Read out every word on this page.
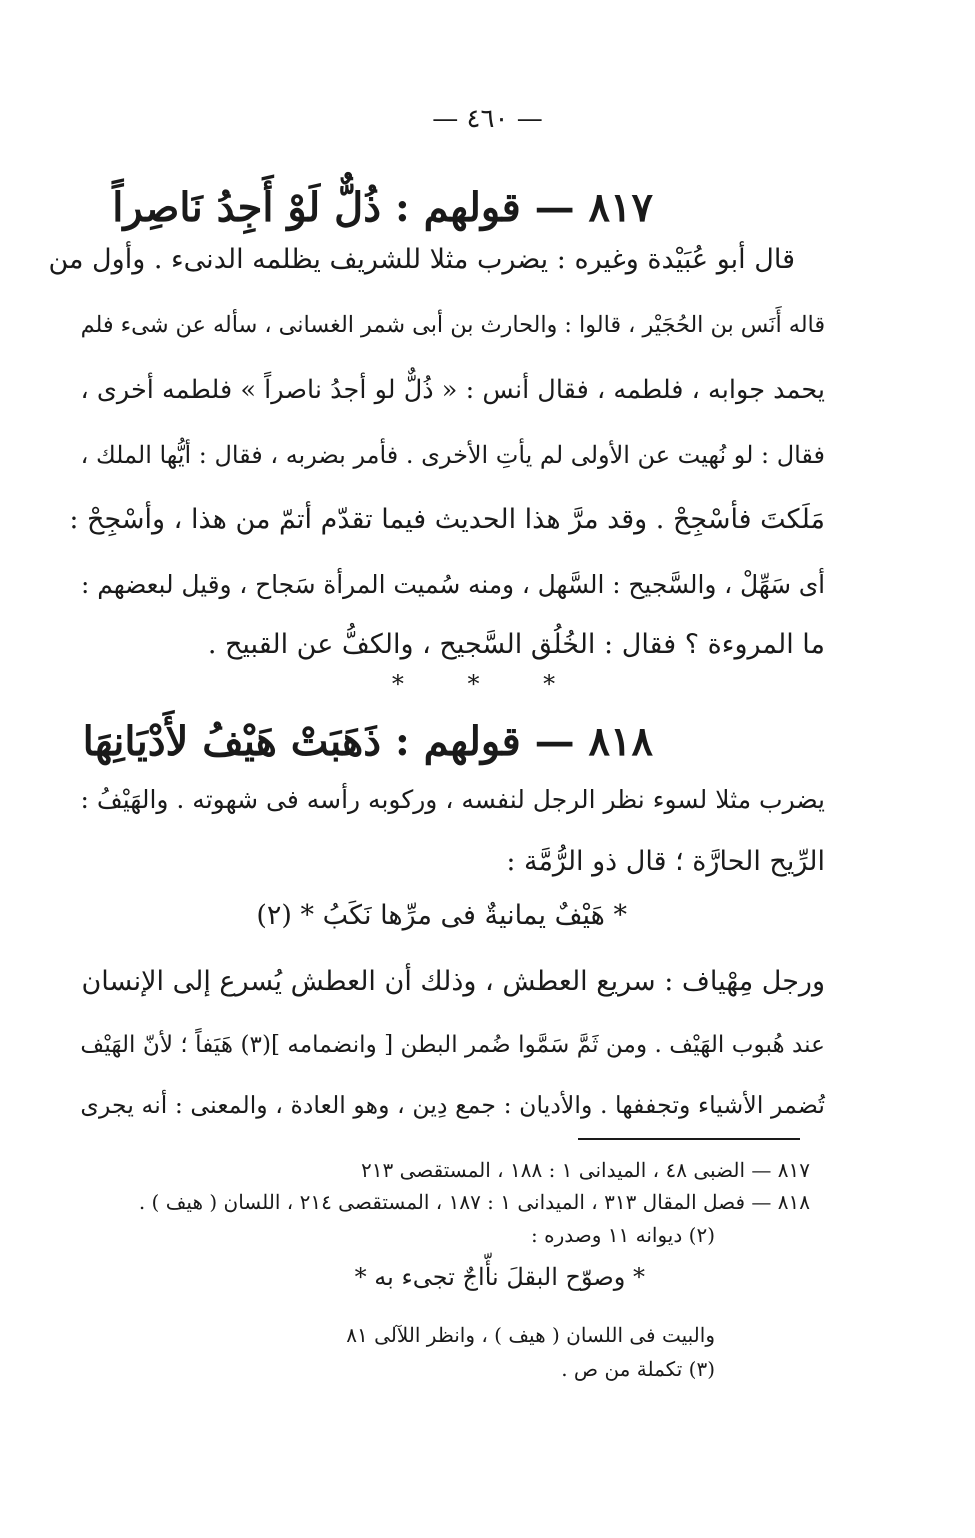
— ٤٦٠ —
٨١٧ — قولهم : ذُلٌّ لَوْ أَجِدُ نَاصِراً
قال أبو عُبَيْدة وغيره : يضرب مثلا للشريف يظلمه الدنىء . وأول من
قاله أَنَس بن الحُجَيْر ، قالوا : والحارث بن أبى شمر الغسانى ، سأله عن شىء فلم
يحمد جوابه ، فلطمه ، فقال أنس : « ذُلٌّ لو أجدُ ناصراً » فلطمه أخرى ،
فقال : لو نُهيت عن الأولى لم يأتِ الأخرى . فأمر بضربه ، فقال : أيُّها الملك ،
مَلَكتَ فأسْجِحْ . وقد مرَّ هذا الحديث فيما تقدّم أتمّ من هذا ، وأسْجِحْ :
أى سَهِّلْ ، والسَّجيح : السَّهل ، ومنه سُميت المرأة سَجاح ، وقيل لبعضهم :
ما المروءة ؟ فقال : الخُلُق السَّجيح ، والكفُّ عن القبيح .
* * *
٨١٨ — قولهم : ذَهَبَتْ هَيْفُ لأَدْيَانِهَا
يضرب مثلا لسوء نظر الرجل لنفسه ، وركوبه رأسه فى شهوته . والهَيْفُ :
الرِّيح الحارَّة ؛ قال ذو الرُّمَّة :
* هَيْفٌ يمانيةٌ فى مرِّها نَكَبُ * (٢)
ورجل مِهْياف : سريع العطش ، وذلك أن العطش يُسرع إلى الإنسان
عند هُبوب الهَيْف . ومن ثَمَّ سَمَّوا ضُمر البطن [ وانضمامه ](٣) هَيَفاً ؛ لأنّ الهَيْف
تُضمر الأشياء وتجففها . والأديان : جمع دِين ، وهو العادة ، والمعنى : أنه يجرى
٨١٧ — الضبى ٤٨ ، الميدانى ١ : ١٨٨ ، المستقصى ٢١٣
٨١٨ — فصل المقال ٣١٣ ، الميدانى ١ : ١٨٧ ، المستقصى ٢١٤ ، اللسان ( هيف ) .
(٢) ديوانه ١١ وصدره :
* وصوّح البقلَ نأّاجٌ تجىء به *
والبيت فى اللسان ( هيف ) ، وانظر اللآلى ٨١
(٣) تكملة من ص .
